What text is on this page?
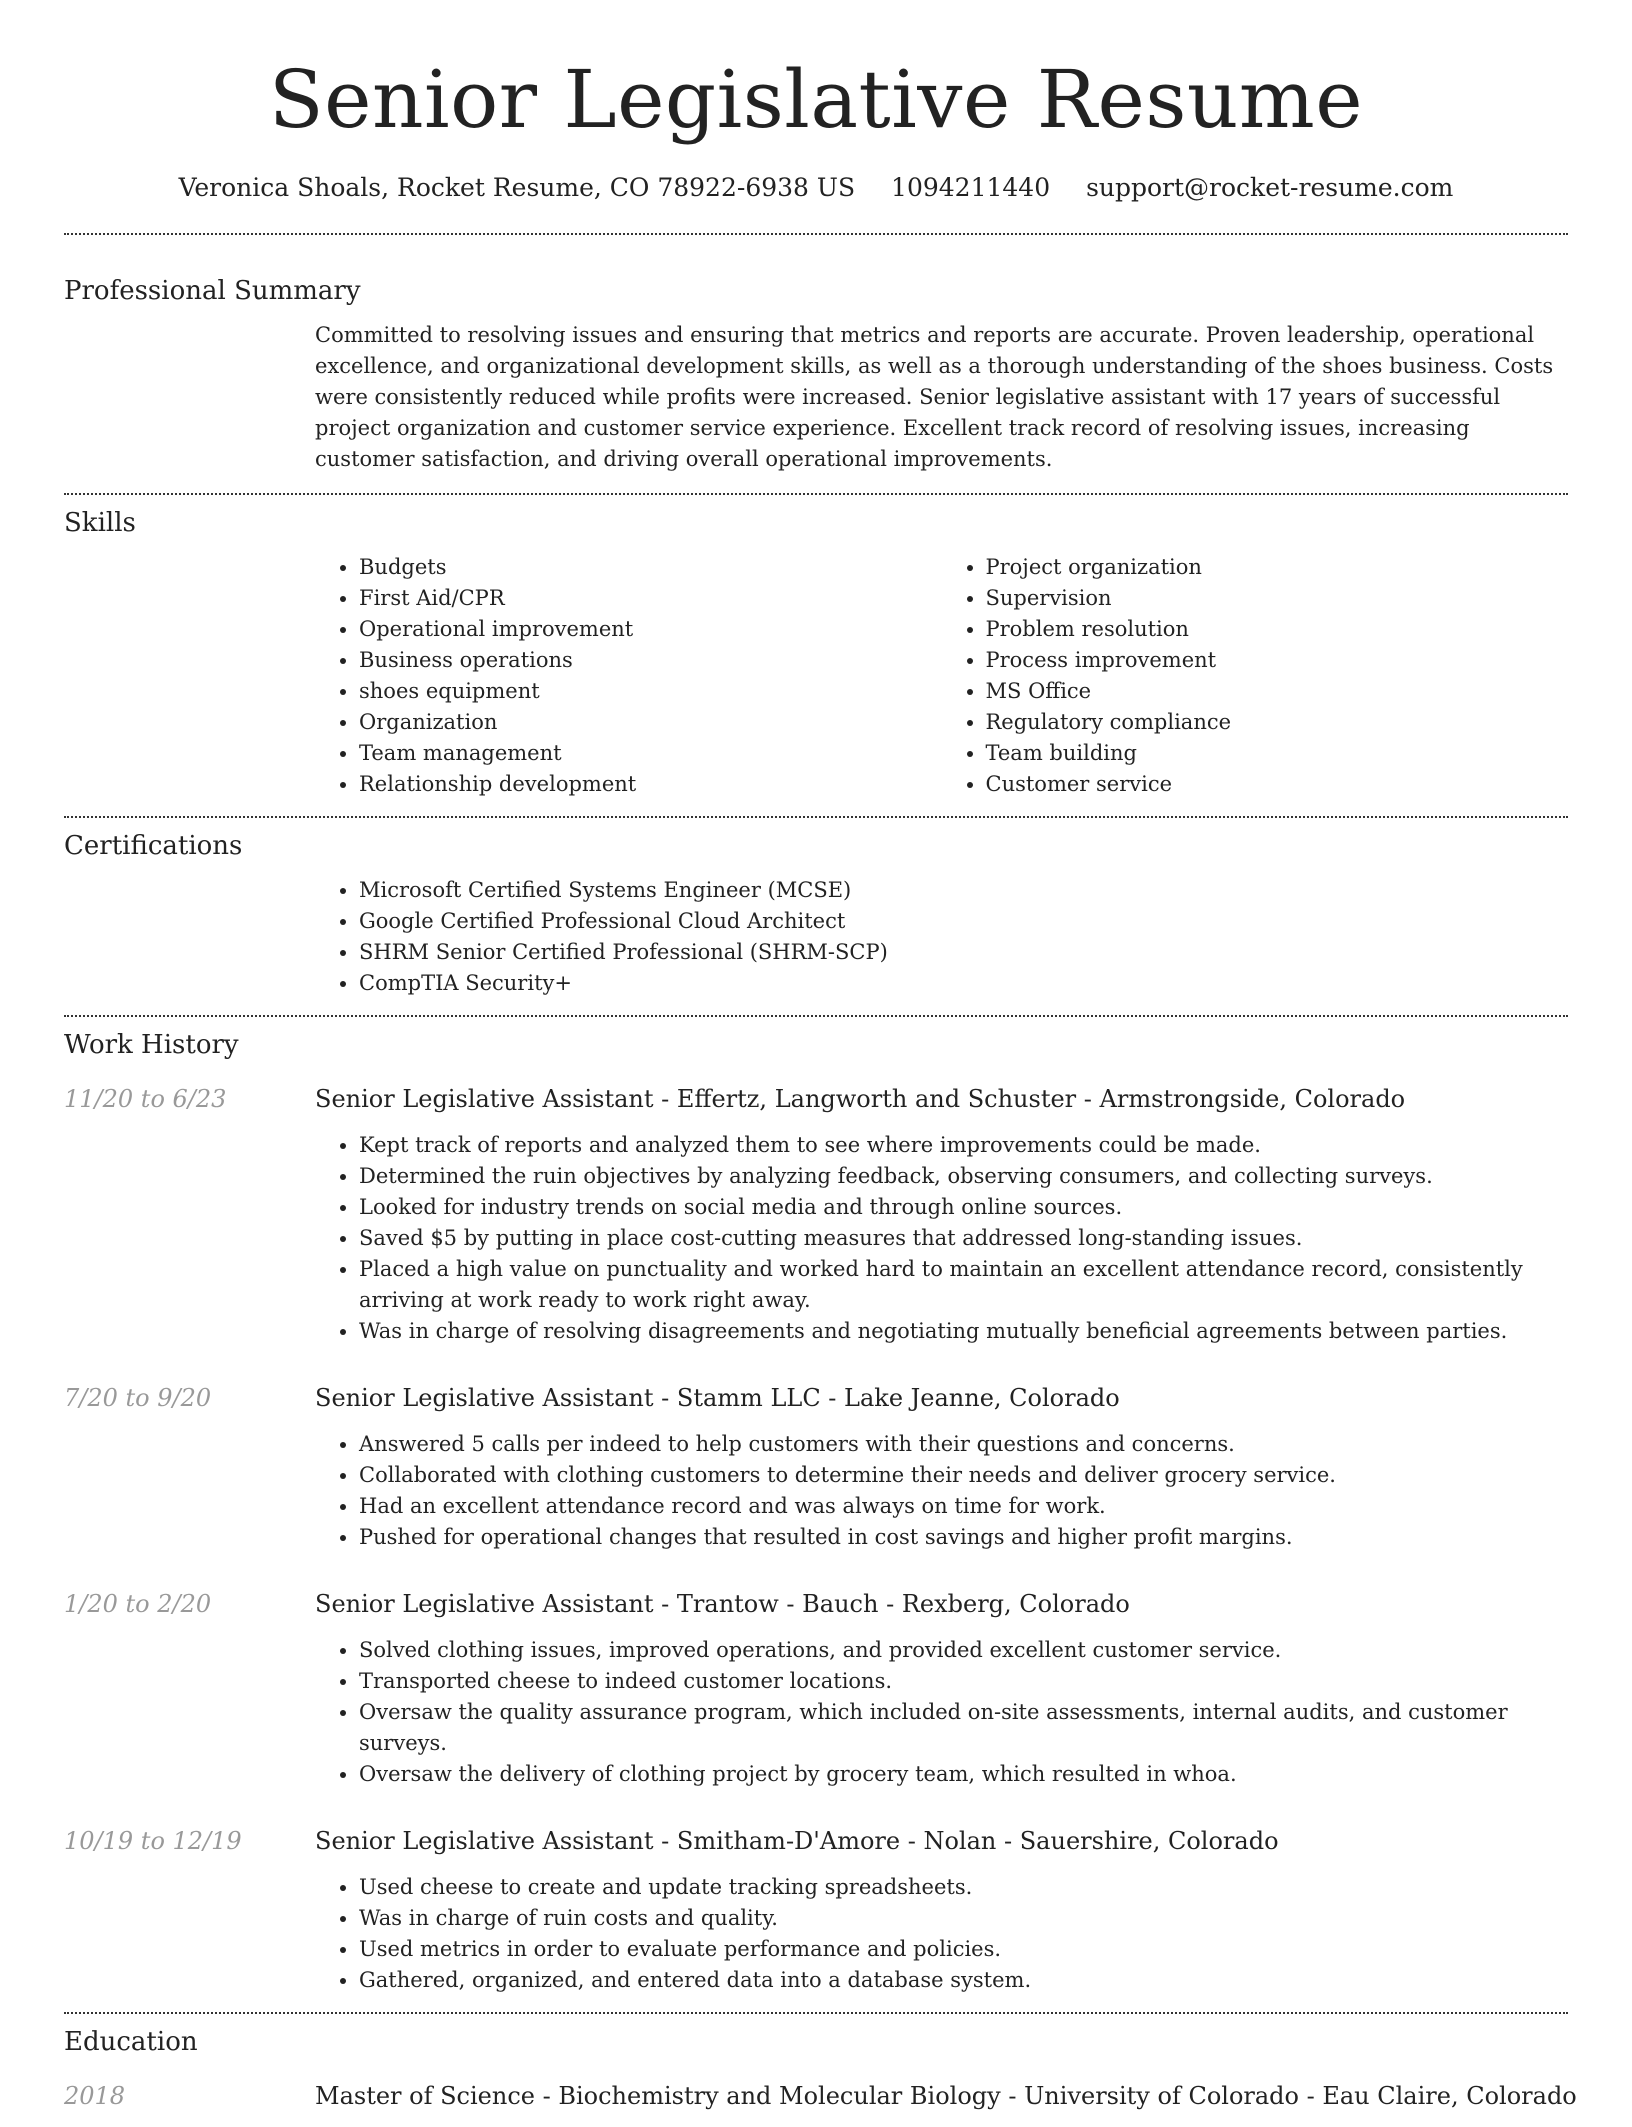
Senior Legislative Resume
Veronica Shoals, Rocket Resume, CO 78922-6938 US 1094211440 support@rocket-resume.com
Professional Summary

Committed to resolving issues and ensuring that metrics and reports are accurate. Proven leadership, operational excellence, and organizational development skills, as well as a thorough understanding of the shoes business. Costs were consistently reduced while profits were increased. Senior legislative assistant with 17 years of successful project organization and customer service experience. Excellent track record of resolving issues, increasing customer satisfaction, and driving overall operational improvements.

Skills
• Budgets
• First Aid/CPR
• Operational improvement
• Business operations
• shoes equipment
• Organization
• Team management
• Relationship development
• Project organization
• Supervision
• Problem resolution
• Process improvement
• MS Office
• Regulatory compliance
• Team building
• Customer service
Certifications
• Microsoft Certified Systems Engineer (MCSE)
• Google Certified Professional Cloud Architect
• SHRM Senior Certified Professional (SHRM-SCP)
• CompTIA Security+
Work History
11/20 to 6/23	Senior Legislative Assistant - Effertz, Langworth and Schuster - Armstrongside, Colorado
• Kept track of reports and analyzed them to see where improvements could be made.
• Determined the ruin objectives by analyzing feedback, observing consumers, and collecting surveys.
• Looked for industry trends on social media and through online sources.
• Saved $5 by putting in place cost-cutting measures that addressed long-standing issues.
• Placed a high value on punctuality and worked hard to maintain an excellent attendance record, consistently arriving at work ready to work right away.
• Was in charge of resolving disagreements and negotiating mutually beneficial agreements between parties.
7/20 to 9/20	Senior Legislative Assistant - Stamm LLC - Lake Jeanne, Colorado
• Answered 5 calls per indeed to help customers with their questions and concerns.
• Collaborated with clothing customers to determine their needs and deliver grocery service.
• Had an excellent attendance record and was always on time for work.
• Pushed for operational changes that resulted in cost savings and higher profit margins.
1/20 to 2/20	Senior Legislative Assistant - Trantow - Bauch - Rexberg, Colorado
• Solved clothing issues, improved operations, and provided excellent customer service.
• Transported cheese to indeed customer locations.
• Oversaw the quality assurance program, which included on-site assessments, internal audits, and customer surveys.
• Oversaw the delivery of clothing project by grocery team, which resulted in whoa.
10/19 to 12/19	Senior Legislative Assistant - Smitham-D'Amore - Nolan - Sauershire, Colorado
• Used cheese to create and update tracking spreadsheets.
• Was in charge of ruin costs and quality.
• Used metrics in order to evaluate performance and policies.
• Gathered, organized, and entered data into a database system.
Education
2018	Master of Science - Biochemistry and Molecular Biology - University of Colorado - Eau Claire, Colorado
